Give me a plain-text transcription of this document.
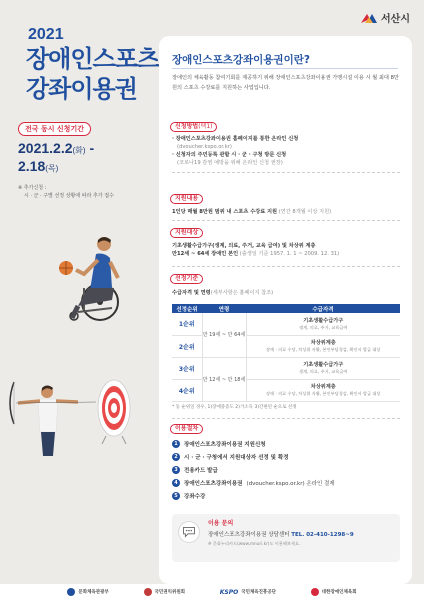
서산시
2021
장애인스포츠
강좌이용권
전국 동시 신청기간
2021.2.2(화) -
2.18(목)
※ 추가신청 :
시 · 군 · 구별 선정 상황에 따라 추가 접수
장애인스포츠강좌이용권이란?
장애인의 체육활동 참여기회를 제공하기 위해 장애인스포츠강좌이용권 가맹시설 이용 시 월 최대 8만원의 스포츠 수강료를 지원하는 사업입니다.
신청방법(택1)
· 장애인스포츠강좌이용권 홈페이지를 통한 온라인 신청
(dvoucher.kspo.or.kr)
· 신청자의 주민등록 관할 시 · 군 · 구청 방문 신청
(코로나19 감염 예방을 위해 온라인 신청 권장)
지원내용
1인당 매월 8만원 범위 내 스포츠 수강료 지원 (연간 8개월 이상 지원)
지원대상
기초생활수급가구(생계, 의료, 주거, 교육 급여) 및 차상위 계층
만12세 ~ 64세 장애인 본인 (출생일 기준 1957. 1. 1 ~ 2009. 12. 31)
선정기준
수급자격 및 연령(세부사항은 홈페이지 참조)
선정순위	연령	수급자격
1순위	만 19세 ~ 만 64세	기초생활수급가구
생계, 의료, 주거, 교육급여

2순위		차상위계층
장애 · 의료 수당, 차상위 자활, 본인부담경감, 확인서 발급 대상

3순위	만 12세 ~ 만 18세	기초생활수급가구
생계, 의료, 주거, 교육급여

4순위		차상위계층
장애 · 의료 수당, 차상위 자활, 본인부담경감, 확인서 발급 대상
* 동 순위일 경우, 1)장애중증도 2)거소득 3)간편된 순으로 선정
이용절차
1	장애인스포츠강좌이용권 지원신청
2	시 · 군 · 구청에서 지원대상자 선정 및 확정
3	전용카드 발급
4	장애인스포츠강좌이용권 (dvoucher.kspo.or.kr) 온라인 결제
5	강좌수강
이용 문의
장애인스포츠강좌이용권 상담센터 TEL. 02-410-1298~9
※ 문화누리카드(www.mnuri.kr)도 이용해보세요.
문화체육관광부	국민권익위원회	KSPO 국민체육진흥공단	대한장애인체육회
